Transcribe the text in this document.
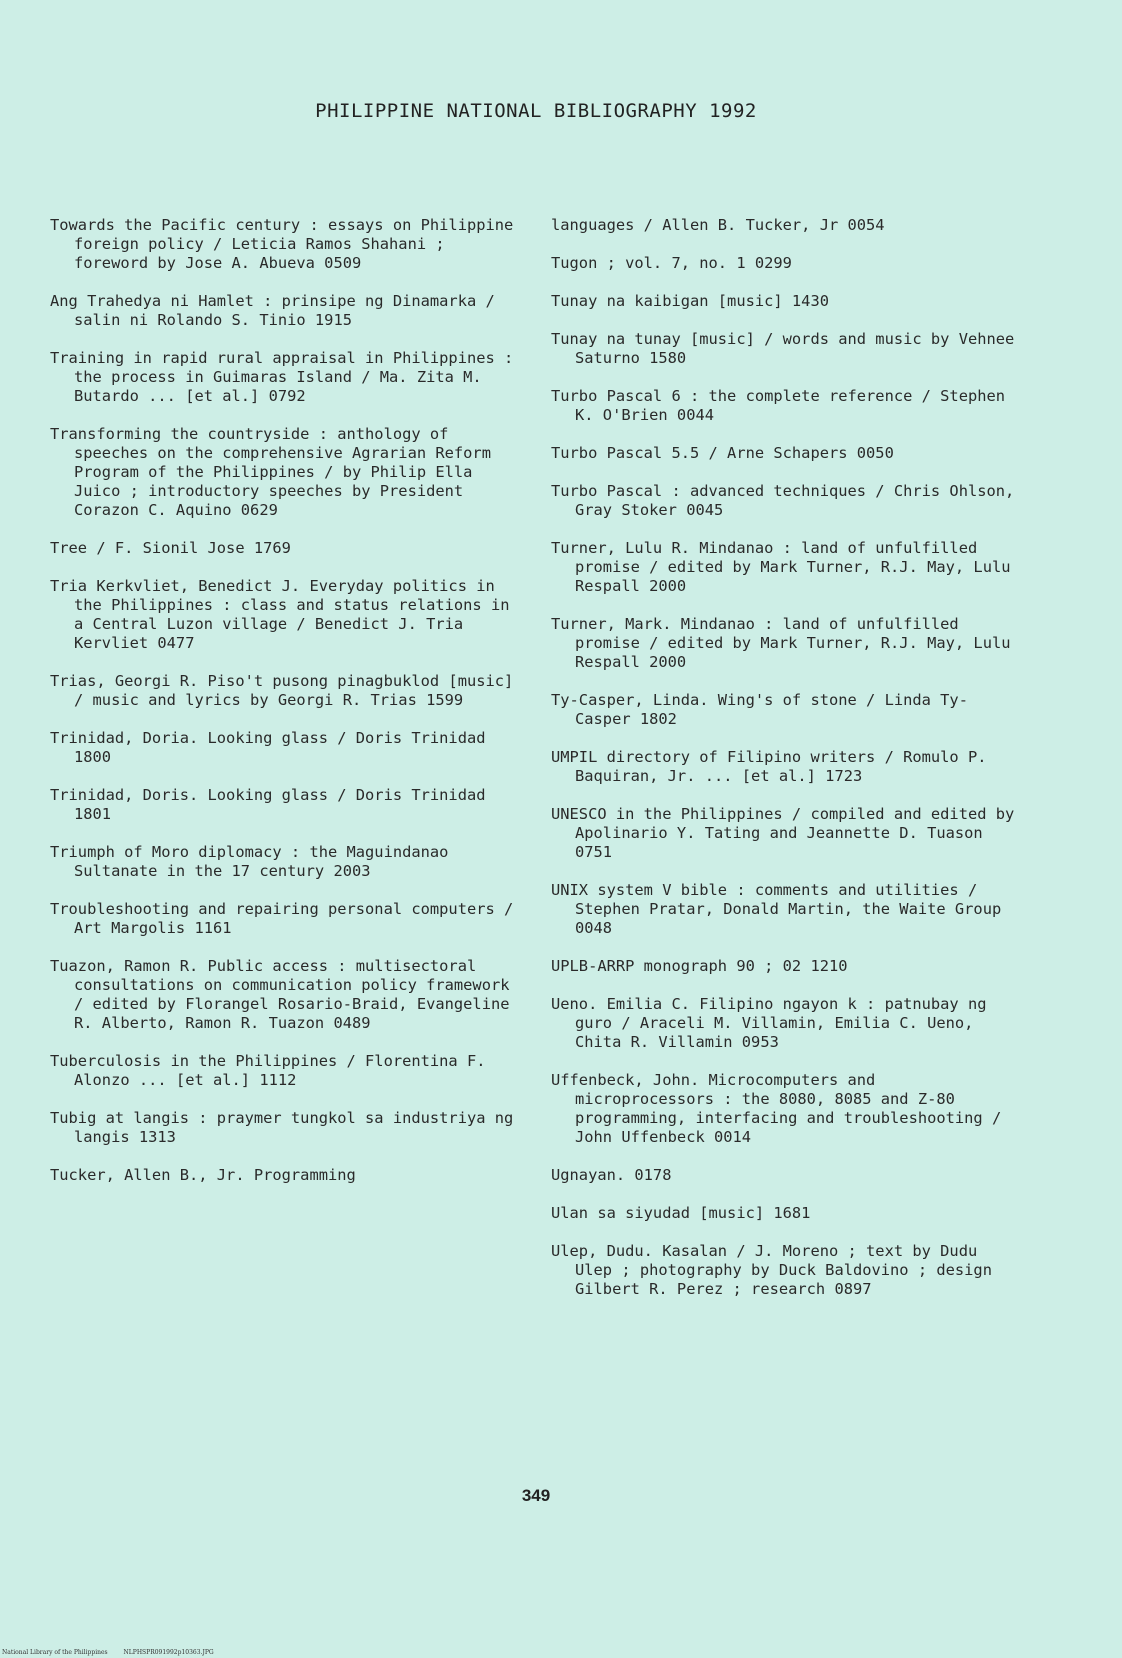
PHILIPPINE NATIONAL BIBLIOGRAPHY 1992

Towards the Pacific century : essays on Philippine foreign policy / Leticia Ramos Shahani ; foreword by Jose A. Abueva 0509

Ang Trahedya ni Hamlet : prinsipe ng Dinamarka / salin ni Rolando S. Tinio 1915

Training in rapid rural appraisal in Philippines : the process in Guimaras Island / Ma. Zita M. Butardo ... [et al.] 0792

Transforming the countryside : anthology of speeches on the comprehensive Agrarian Reform Program of the Philippines / by Philip Ella Juico ; introductory speeches by President Corazon C. Aquino 0629

Tree / F. Sionil Jose 1769

Tria Kerkvliet, Benedict J. Everyday politics in the Philippines : class and status relations in a Central Luzon village / Benedict J. Tria Kervliet 0477

Trias, Georgi R. Piso't pusong pinagbuklod [music] / music and lyrics by Georgi R. Trias 1599

Trinidad, Doria. Looking glass / Doris Trinidad 1800

Trinidad, Doris. Looking glass / Doris Trinidad 1801

Triumph of Moro diplomacy : the Maguindanao Sultanate in the 17 century 2003

Troubleshooting and repairing personal computers / Art Margolis 1161

Tuazon, Ramon R. Public access : multisectoral consultations on communication policy framework / edited by Florangel Rosario-Braid, Evangeline R. Alberto, Ramon R. Tuazon 0489

Tuberculosis in the Philippines / Florentina F. Alonzo ... [et al.] 1112

Tubig at langis : praymer tungkol sa industriya ng langis 1313

Tucker, Allen B., Jr. Programming

languages / Allen B. Tucker, Jr 0054

Tugon ; vol. 7, no. 1 0299

Tunay na kaibigan [music] 1430

Tunay na tunay [music] / words and music by Vehnee Saturno 1580

Turbo Pascal 6 : the complete reference / Stephen K. O'Brien 0044

Turbo Pascal 5.5 / Arne Schapers 0050

Turbo Pascal : advanced techniques / Chris Ohlson, Gray Stoker 0045

Turner, Lulu R. Mindanao : land of unfulfilled promise / edited by Mark Turner, R.J. May, Lulu Respall 2000

Turner, Mark. Mindanao : land of unfulfilled promise / edited by Mark Turner, R.J. May, Lulu Respall 2000

Ty-Casper, Linda. Wing's of stone / Linda Ty-Casper 1802

UMPIL directory of Filipino writers / Romulo P. Baquiran, Jr. ... [et al.] 1723

UNESCO in the Philippines / compiled and edited by Apolinario Y. Tating and Jeannette D. Tuason 0751

UNIX system V bible : comments and utilities / Stephen Pratar, Donald Martin, the Waite Group 0048

UPLB-ARRP monograph 90 ; 02 1210

Ueno. Emilia C. Filipino ngayon k : patnubay ng guro / Araceli M. Villamin, Emilia C. Ueno, Chita R. Villamin 0953

Uffenbeck, John. Microcomputers and microprocessors : the 8080, 8085 and Z-80 programming, interfacing and troubleshooting / John Uffenbeck 0014

Ugnayan. 0178

Ulan sa siyudad [music] 1681

Ulep, Dudu. Kasalan / J. Moreno ; text by Dudu Ulep ; photography by Duck Baldovino ; design Gilbert R. Perez ; research 0897

349
National Library of the Philippines	NLPHSPR091992p10363.JPG
